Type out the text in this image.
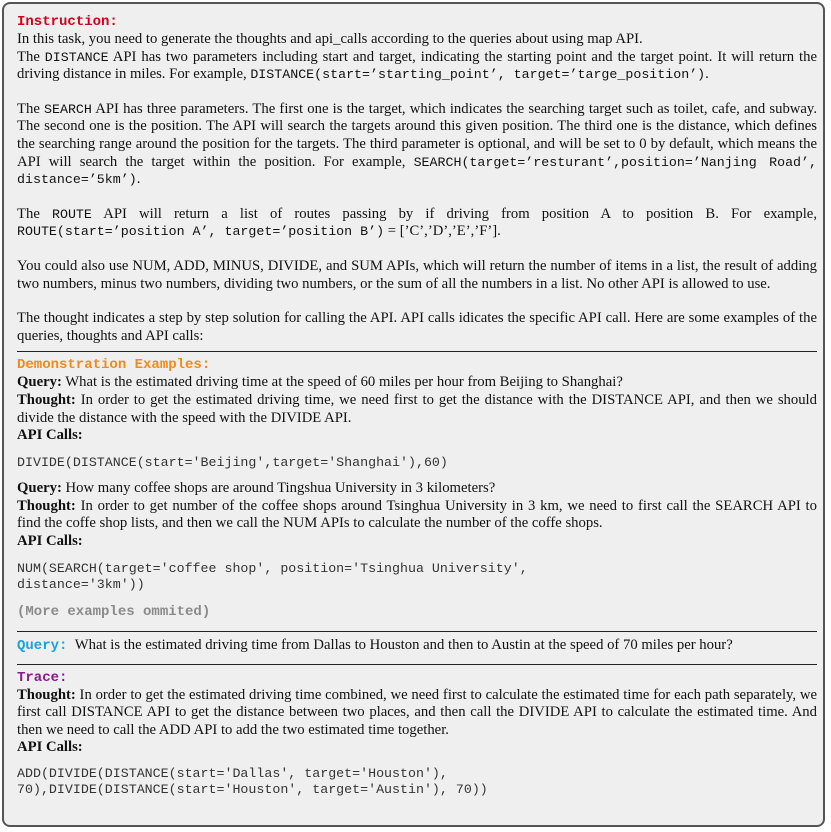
Instruction:

In this task, you need to generate the thoughts and api_calls according to the queries about using map API.

The DISTANCE API has two parameters including start and target, indicating the starting point and the target point. It will return the driving distance in miles. For example, DISTANCE(start=’starting_point’, target=’targe_position’).

The SEARCH API has three parameters. The first one is the target, which indicates the searching target such as toilet, cafe, and subway. The second one is the position. The API will search the targets around this given position. The third one is the distance, which defines the searching range around the position for the targets. The third parameter is optional, and will be set to 0 by default, which means the API will search the target within the position. For example, SEARCH(target=’resturant’,position=’Nanjing Road’, distance=’5km’).

The ROUTE API will return a list of routes passing by if driving from position A to position B. For example, ROUTE(start=’position A’, target=’position B’) = [’C’,’D’,’E’,’F’].

You could also use NUM, ADD, MINUS, DIVIDE, and SUM APIs, which will return the number of items in a list, the result of adding two numbers, minus two numbers, dividing two numbers, or the sum of all the numbers in a list. No other API is allowed to use.

The thought indicates a step by step solution for calling the API. API calls idicates the specific API call. Here are some examples of the queries, thoughts and API calls:

Demonstration Examples:

Query: What is the estimated driving time at the speed of 60 miles per hour from Beijing to Shanghai?

Thought: In order to get the estimated driving time, we need first to get the distance with the DISTANCE API, and then we should divide the distance with the speed with the DIVIDE API.

API Calls:

DIVIDE(DISTANCE(start='Beijing',target='Shanghai'),60)

Query: How many coffee shops are around Tingshua University in 3 kilometers?

Thought: In order to get number of the coffee shops around Tsinghua University in 3 km, we need to first call the SEARCH API to find the coffe shop lists, and then we call the NUM APIs to calculate the number of the coffe shops.

API Calls:

NUM(SEARCH(target='coffee shop', position='Tsinghua University',
distance='3km'))
(More examples ommited)

Query: What is the estimated driving time from Dallas to Houston and then to Austin at the speed of 70 miles per hour?

Trace:

Thought: In order to get the estimated driving time combined, we need first to calculate the estimated time for each path separately, we first call DISTANCE API to get the distance between two places, and then call the DIVIDE API to calculate the estimated time. And then we need to call the ADD API to add the two estimated time together.

API Calls:

ADD(DIVIDE(DISTANCE(start='Dallas', target='Houston'),
70),DIVIDE(DISTANCE(start='Houston', target='Austin'), 70))
